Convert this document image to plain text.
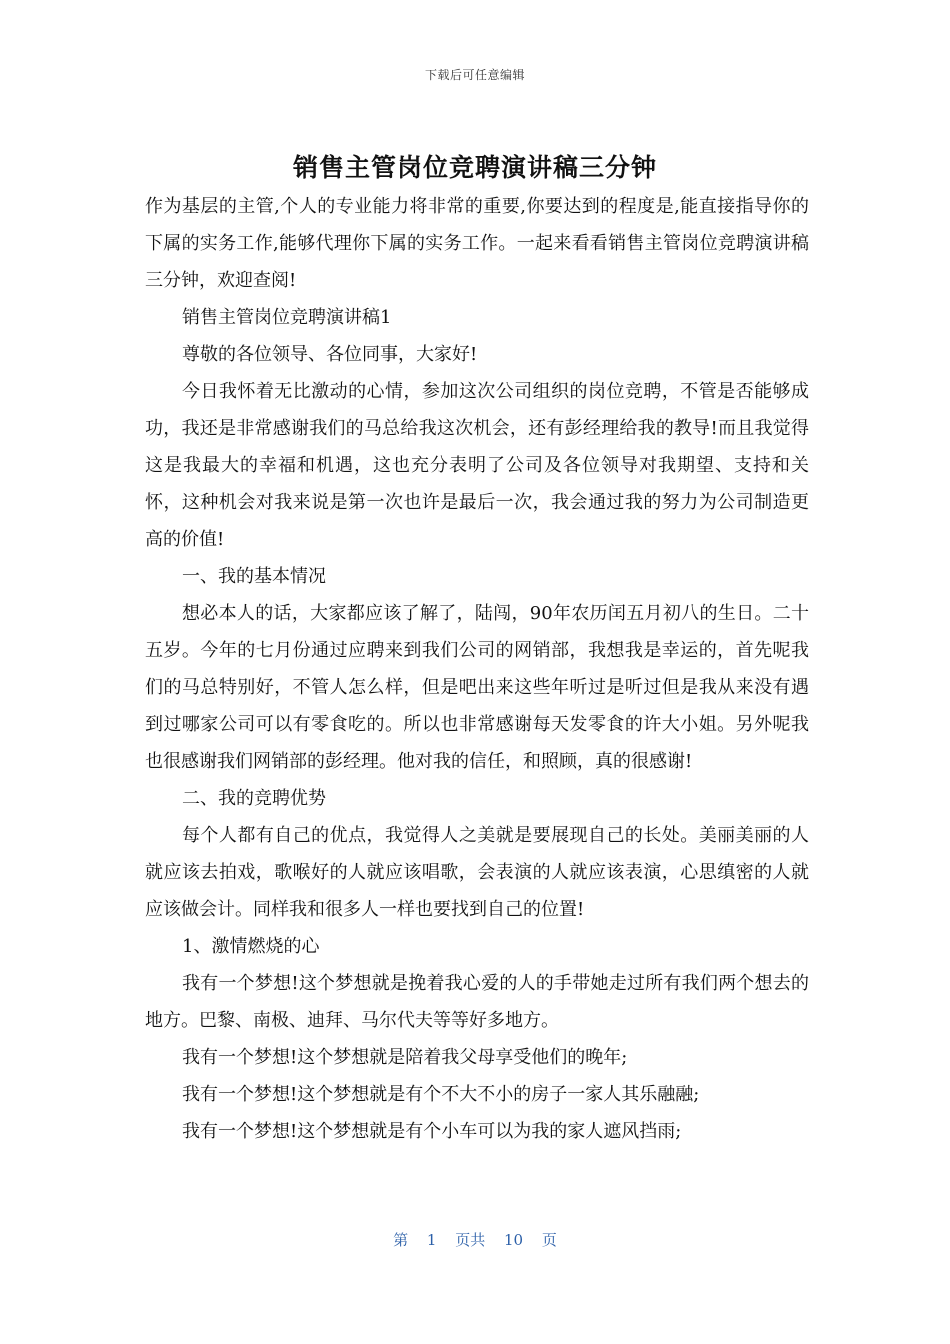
下载后可任意编辑
销售主管岗位竞聘演讲稿三分钟

作为基层的主管,个人的专业能力将非常的重要,你要达到的程度是,能直接指导你的下属的实务工作,能够代理你下属的实务工作。一起来看看销售主管岗位竞聘演讲稿三分钟，欢迎查阅!

销售主管岗位竞聘演讲稿1

尊敬的各位领导、各位同事，大家好!

今日我怀着无比激动的心情，参加这次公司组织的岗位竞聘，不管是否能够成功，我还是非常感谢我们的马总给我这次机会，还有彭经理给我的教导!而且我觉得这是我最大的幸福和机遇，这也充分表明了公司及各位领导对我期望、支持和关怀，这种机会对我来说是第一次也许是最后一次，我会通过我的努力为公司制造更高的价值!

一、我的基本情况

想必本人的话，大家都应该了解了，陆闯，90年农历闰五月初八的生日。二十五岁。今年的七月份通过应聘来到我们公司的网销部，我想我是幸运的，首先呢我们的马总特别好，不管人怎么样，但是吧出来这些年听过是听过但是我从来没有遇到过哪家公司可以有零食吃的。所以也非常感谢每天发零食的许大小姐。另外呢我也很感谢我们网销部的彭经理。他对我的信任，和照顾，真的很感谢!

二、我的竞聘优势

每个人都有自己的优点，我觉得人之美就是要展现自己的长处。美丽美丽的人就应该去拍戏，歌喉好的人就应该唱歌，会表演的人就应该表演，心思缜密的人就应该做会计。同样我和很多人一样也要找到自己的位置!

1、激情燃烧的心

我有一个梦想!这个梦想就是挽着我心爱的人的手带她走过所有我们两个想去的地方。巴黎、南极、迪拜、马尔代夫等等好多地方。

我有一个梦想!这个梦想就是陪着我父母享受他们的晚年;

我有一个梦想!这个梦想就是有个不大不小的房子一家人其乐融融;

我有一个梦想!这个梦想就是有个小车可以为我的家人遮风挡雨;

第 1 页共 10 页
